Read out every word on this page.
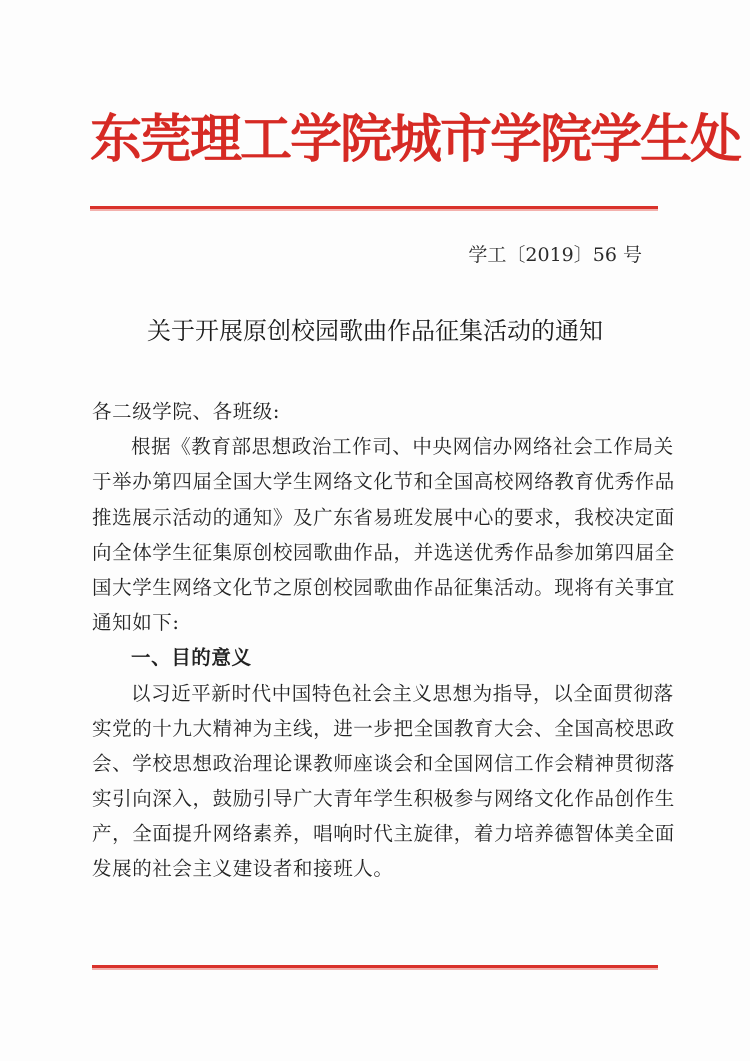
东莞理工学院城市学院学生处
学工〔2019〕56 号
关于开展原创校园歌曲作品征集活动的通知
各二级学院、各班级:
根据《教育部思想政治工作司、中央网信办网络社会工作局关
于举办第四届全国大学生网络文化节和全国高校网络教育优秀作品
推选展示活动的通知》及广东省易班发展中心的要求，我校决定面
向全体学生征集原创校园歌曲作品，并选送优秀作品参加第四届全
国大学生网络文化节之原创校园歌曲作品征集活动。现将有关事宜
通知如下:
一、目的意义
以习近平新时代中国特色社会主义思想为指导，以全面贯彻落
实党的十九大精神为主线，进一步把全国教育大会、全国高校思政
会、学校思想政治理论课教师座谈会和全国网信工作会精神贯彻落
实引向深入，鼓励引导广大青年学生积极参与网络文化作品创作生
产，全面提升网络素养，唱响时代主旋律，着力培养德智体美全面
发展的社会主义建设者和接班人。
